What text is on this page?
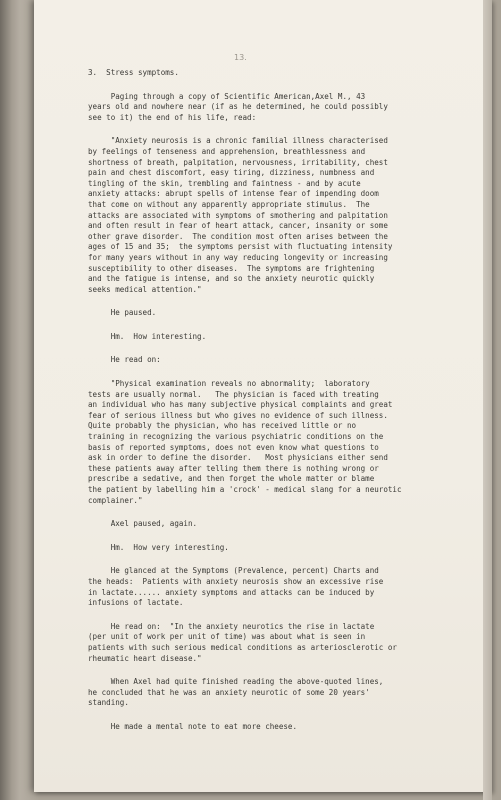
13.

3.  Stress symptoms.

Paging through a copy of Scientific American,Axel M., 43
years old and nowhere near (if as he determined, he could possibly
see to it) the end of his life, read:

"Anxiety neurosis is a chronic familial illness characterised
by feelings of tenseness and apprehension, breathlessness and
shortness of breath, palpitation, nervousness, irritability, chest
pain and chest discomfort, easy tiring, dizziness, numbness and
tingling of the skin, trembling and faintness - and by acute
anxiety attacks: abrupt spells of intense fear of impending doom
that come on without any apparently appropriate stimulus.  The
attacks are associated with symptoms of smothering and palpitation
and often result in fear of heart attack, cancer, insanity or some
other grave disorder.  The condition most often arises between the
ages of 15 and 35;  the symptoms persist with fluctuating intensity
for many years without in any way reducing longevity or increasing
susceptibility to other diseases.  The symptoms are frightening
and the fatigue is intense, and so the anxiety neurotic quickly
seeks medical attention."

He paused.

Hm.  How interesting.

He read on:

"Physical examination reveals no abnormality;  laboratory
tests are usually normal.   The physician is faced with treating
an individual who has many subjective physical complaints and great
fear of serious illness but who gives no evidence of such illness.
Quite probably the physician, who has received little or no
training in recognizing the various psychiatric conditions on the
basis of reported symptoms, does not even know what questions to
ask in order to define the disorder.   Most physicians either send
these patients away after telling them there is nothing wrong or
prescribe a sedative, and then forget the whole matter or blame
the patient by labelling him a 'crock' - medical slang for a neurotic
complainer."

Axel paused, again.

Hm.  How very interesting.

He glanced at the Symptoms (Prevalence, percent) Charts and
the heads:  Patients with anxiety neurosis show an excessive rise
in lactate...... anxiety symptoms and attacks can be induced by
infusions of lactate.

He read on:  "In the anxiety neurotics the rise in lactate
(per unit of work per unit of time) was about what is seen in
patients with such serious medical conditions as arteriosclerotic or
rheumatic heart disease."

When Axel had quite finished reading the above-quoted lines,
he concluded that he was an anxiety neurotic of some 20 years'
standing.

He made a mental note to eat more cheese.
